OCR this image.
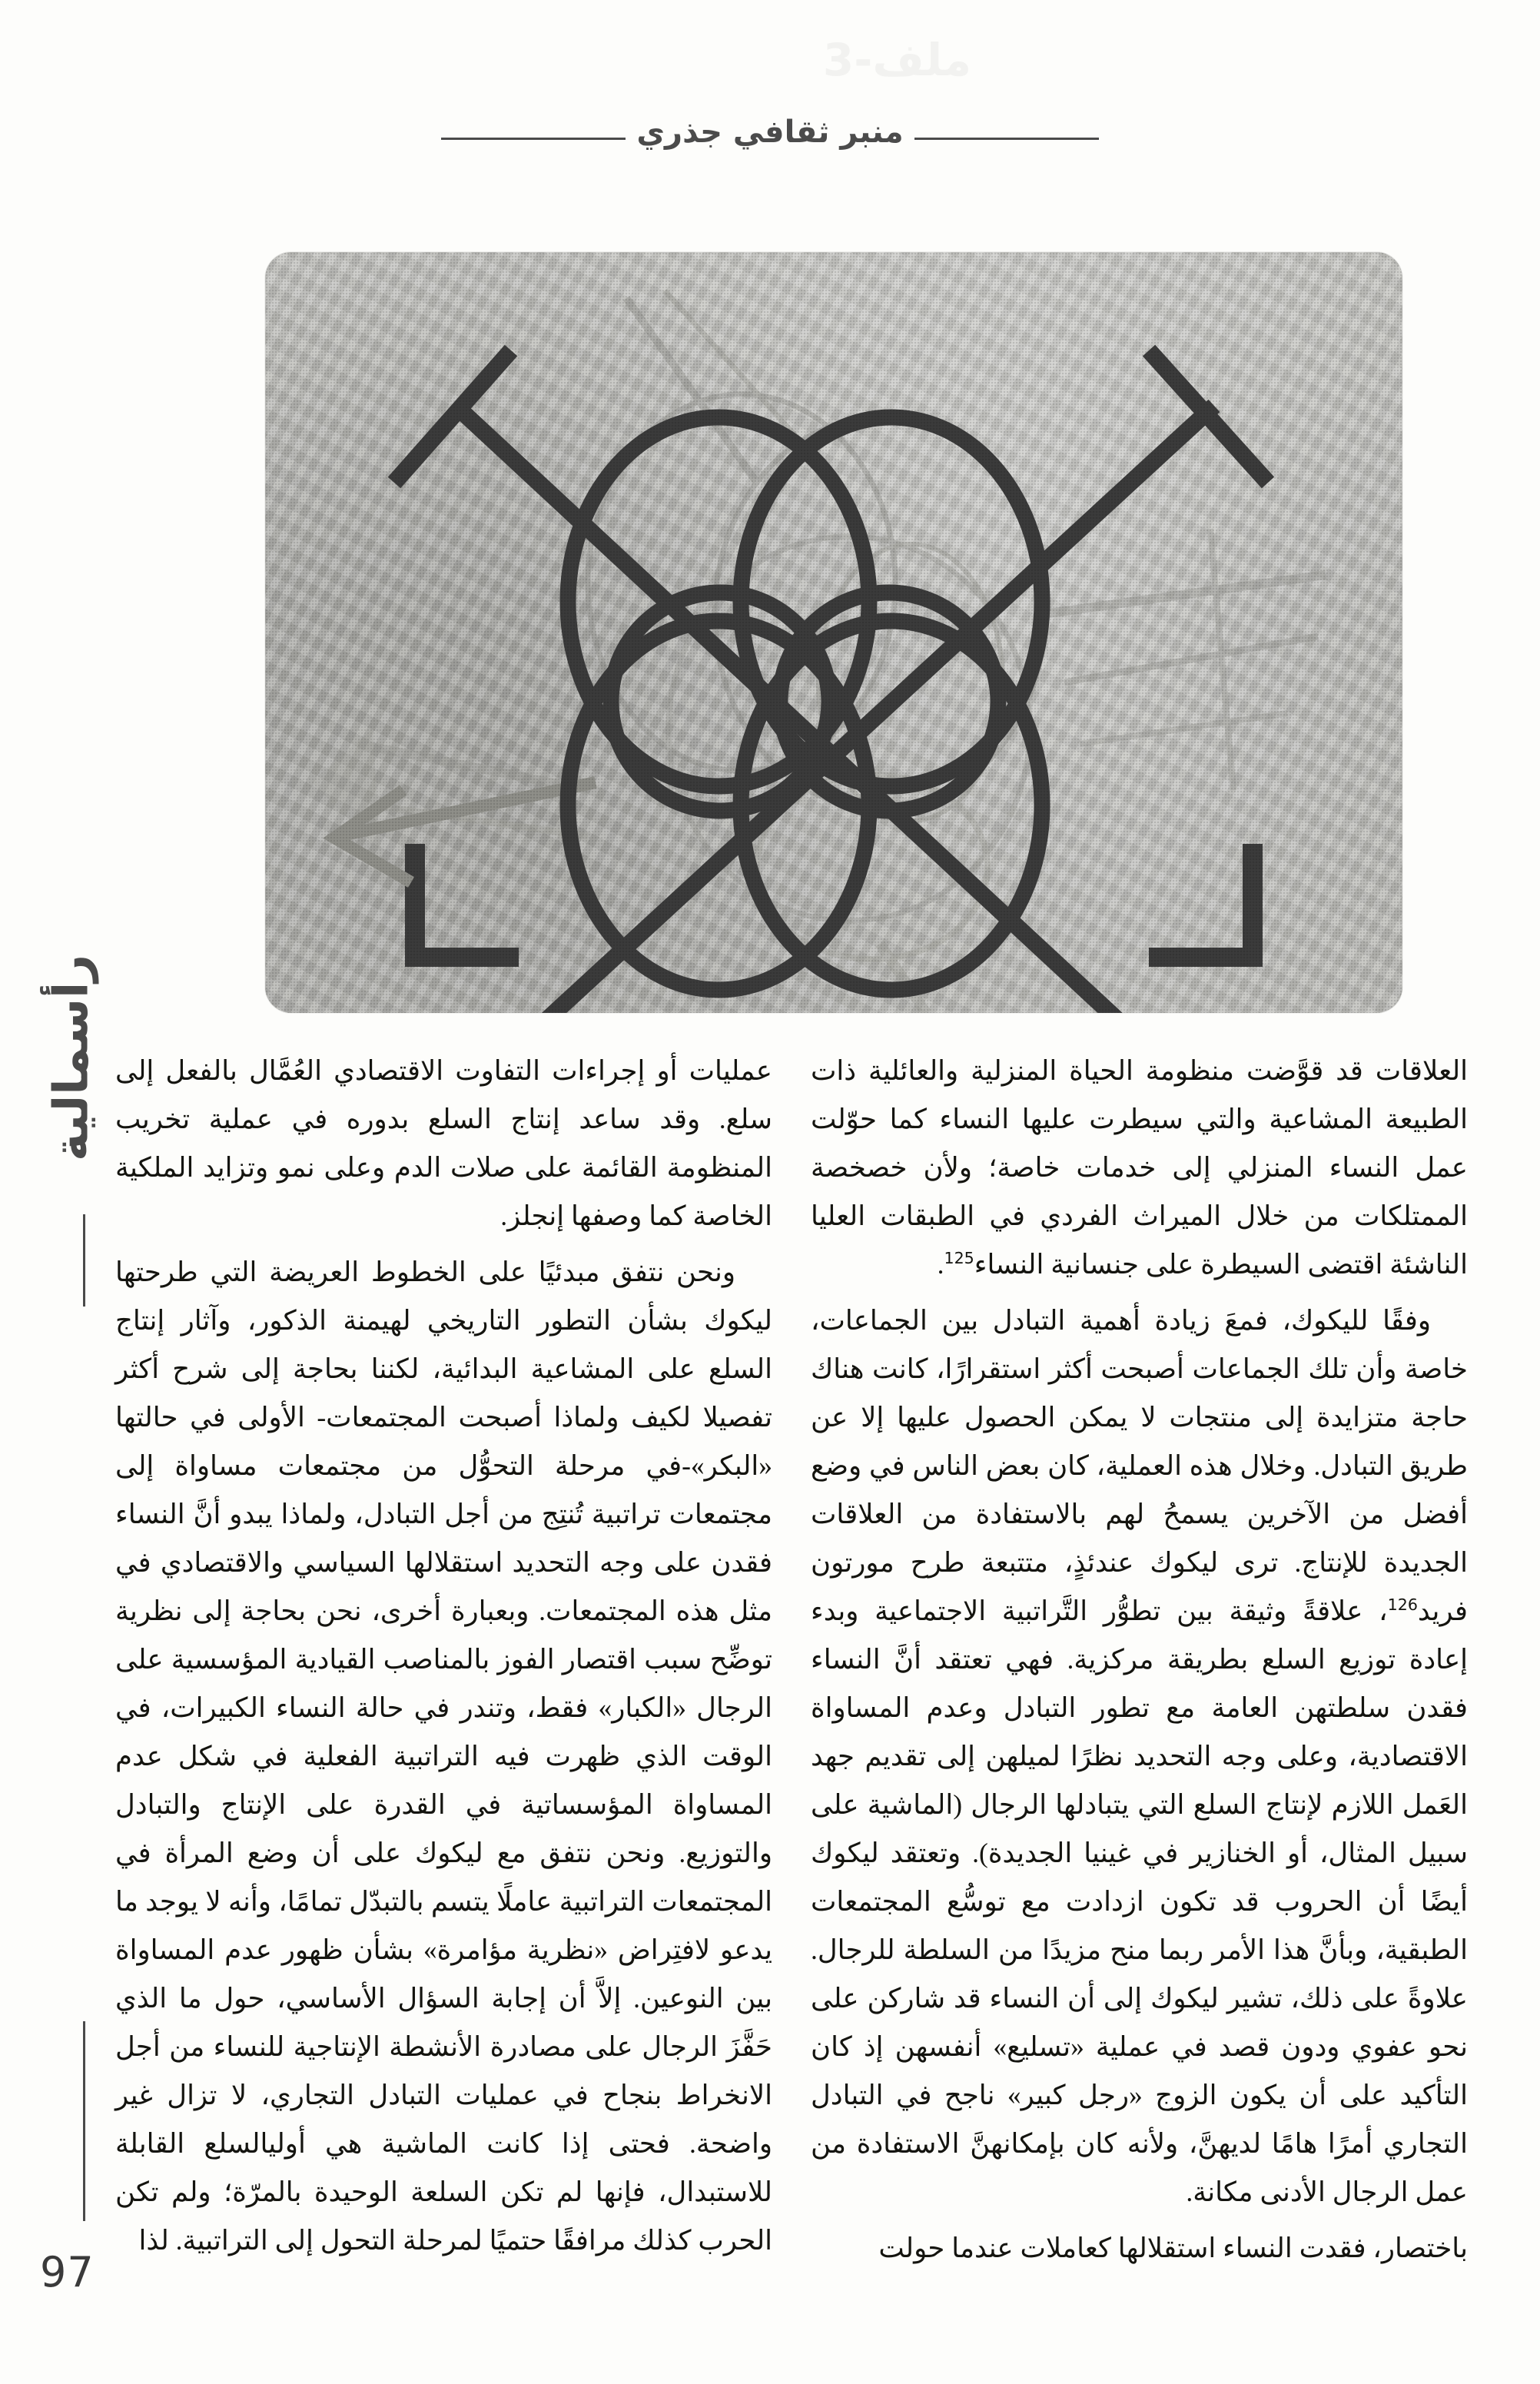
ملف-3
منبر ثقافي جذري
رأسمالية	العلاقات قد قوَّضت منظومة الحياة المنزلية والعائلية ذات الطبيعة المشاعية والتي سيطرت عليها النساء كما حوّلت عمل النساء المنزلي إلى خدمات خاصة؛ ولأن خصخصة الممتلكات من خلال الميراث الفردي في الطبقات العليا الناشئة اقتضى السيطرة على جنسانية النساء$^{125}$.

وفقًا لليكوك، فمعَ زيادة أهمية التبادل بين الجماعات، خاصة وأن تلك الجماعات أصبحت أكثر استقرارًا، كانت هناك حاجة متزايدة إلى منتجات لا يمكن الحصول عليها إلا عن طريق التبادل. وخلال هذه العملية، كان بعض الناس في وضع أفضل من الآخرين يسمحُ لهم بالاستفادة من العلاقات الجديدة للإنتاج. ترى ليكوك عندئذٍ، متتبعة طرح مورتون فريد$^{126}$، علاقةً وثيقة بين تطوُّر التَّراتبية الاجتماعية وبدء إعادة توزيع السلع بطريقة مركزية. فهي تعتقد أنَّ النساء فقدن سلطتهن العامة مع تطور التبادل وعدم المساواة الاقتصادية، وعلى وجه التحديد نظرًا لميلهن إلى تقديم جهد العَمل اللازم لإنتاج السلع التي يتبادلها الرجال (الماشية على سبيل المثال، أو الخنازير في غينيا الجديدة). وتعتقد ليكوك أيضًا أن الحروب قد تكون ازدادت مع توسُّع المجتمعات الطبقية، وبأنَّ هذا الأمر ربما منح مزيدًا من السلطة للرجال. علاوةً على ذلك، تشير ليكوك إلى أن النساء قد شاركن على نحو عفوي ودون قصد في عملية «تسليع» أنفسهن إذ كان التأكيد على أن يكون الزوج «رجل كبير» ناجح في التبادل التجاري أمرًا هامًا لديهنَّ، ولأنه كان بإمكانهنَّ الاستفادة من عمل الرجال الأدنى مكانة.

باختصار، فقدت النساء استقلالها كعاملات عندما حولت

عمليات أو إجراءات التفاوت الاقتصادي العُمَّال بالفعل إلى سلع. وقد ساعد إنتاج السلع بدوره في عملية تخريب المنظومة القائمة على صلات الدم وعلى نمو وتزايد الملكية الخاصة كما وصفها إنجلز.

ونحن نتفق مبدئيًا على الخطوط العريضة التي طرحتها ليكوك بشأن التطور التاريخي لهيمنة الذكور، وآثار إنتاج السلع على المشاعية البدائية، لكننا بحاجة إلى شرح أكثر تفصيلا لكيف ولماذا أصبحت المجتمعات- الأولى في حالتها «البكر»-في مرحلة التحوُّل من مجتمعات مساواة إلى مجتمعات تراتبية تُنتِج من أجل التبادل، ولماذا يبدو أنَّ النساء فقدن على وجه التحديد استقلالها السياسي والاقتصادي في مثل هذه المجتمعات. وبعبارة أخرى، نحن بحاجة إلى نظرية توضِّح سبب اقتصار الفوز بالمناصب القيادية المؤسسية على الرجال «الكبار» فقط، وتندر في حالة النساء الكبيرات، في الوقت الذي ظهرت فيه التراتبية الفعلية في شكل عدم المساواة المؤسساتية في القدرة على الإنتاج والتبادل والتوزيع. ونحن نتفق مع ليكوك على أن وضع المرأة في المجتمعات التراتبية عاملًا يتسم بالتبدّل تمامًا، وأنه لا يوجد ما يدعو لافتِراض «نظرية مؤامرة» بشأن ظهور عدم المساواة بين النوعين. إلاَّ أن إجابة السؤال الأساسي، حول ما الذي حَفَّزَ الرجال على مصادرة الأنشطة الإنتاجية للنساء من أجل الانخراط بنجاح في عمليات التبادل التجاري، لا تزال غير واضحة. فحتى إذا كانت الماشية هي أوليالسلع القابلة للاستبدال، فإنها لم تكن السلعة الوحيدة بالمرّة؛ ولم تكن الحرب كذلك مرافقًا حتميًا لمرحلة التحول إلى التراتبية. لذا

97
